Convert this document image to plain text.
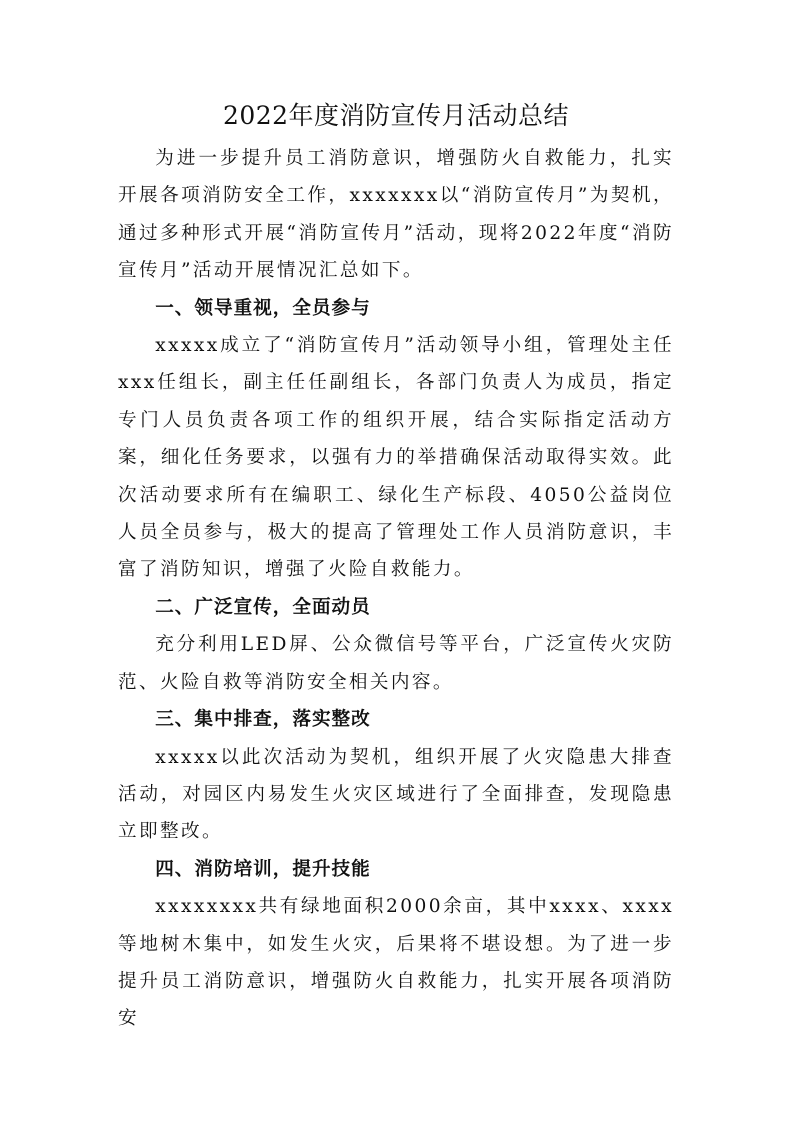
2022年度消防宣传月活动总结

为进一步提升员工消防意识，增强防火自救能力，扎实开展各项消防安全工作，xxxxxxx以“消防宣传月”为契机，通过多种形式开展“消防宣传月”活动，现将2022年度“消防宣传月”活动开展情况汇总如下。

一、领导重视，全员参与

xxxxx成立了“消防宣传月”活动领导小组，管理处主任xxx任组长，副主任任副组长，各部门负责人为成员，指定专门人员负责各项工作的组织开展，结合实际指定活动方案，细化任务要求，以强有力的举措确保活动取得实效。此次活动要求所有在编职工、绿化生产标段、4050公益岗位人员全员参与，极大的提高了管理处工作人员消防意识，丰富了消防知识，增强了火险自救能力。

二、广泛宣传，全面动员

充分利用LED屏、公众微信号等平台，广泛宣传火灾防范、火险自救等消防安全相关内容。

三、集中排查，落实整改

xxxxx以此次活动为契机，组织开展了火灾隐患大排查活动，对园区内易发生火灾区域进行了全面排查，发现隐患立即整改。

四、消防培训，提升技能

xxxxxxxx共有绿地面积2000余亩，其中xxxx、xxxx等地树木集中，如发生火灾，后果将不堪设想。为了进一步提升员工消防意识，增强防火自救能力，扎实开展各项消防安
